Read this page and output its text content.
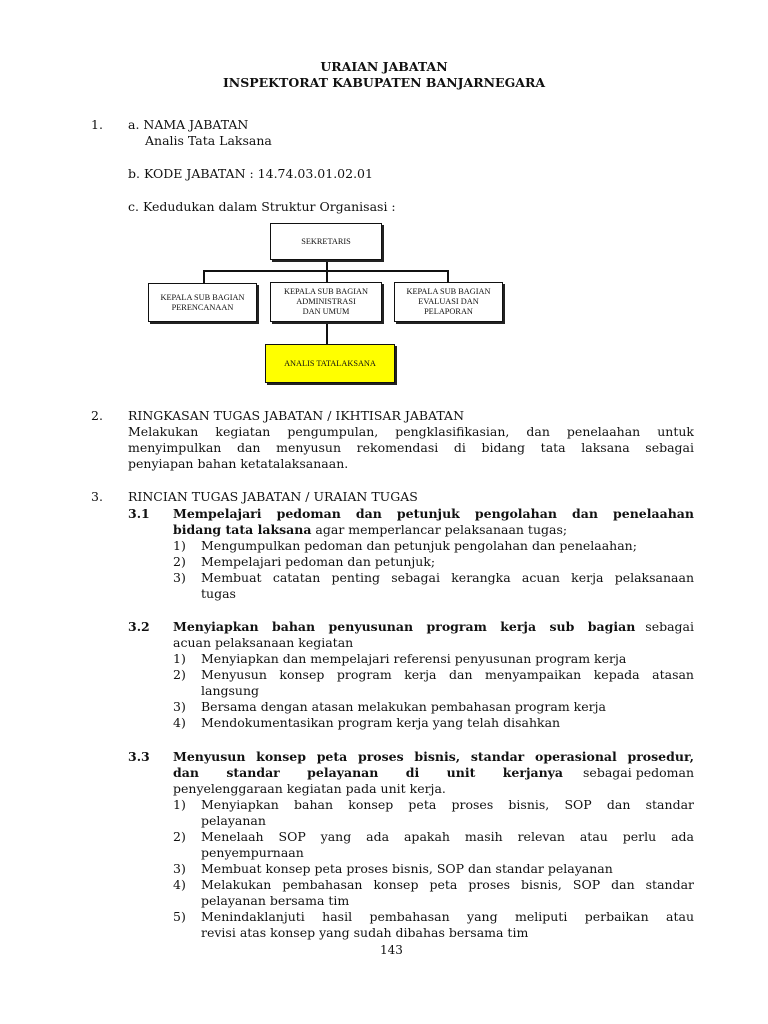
URAIAN JABATAN
INSPEKTORAT KABUPATEN BANJARNEGARA
1. a. NAMA JABATAN
Analis Tata Laksana
b. KODE JABATAN : 14.74.03.01.02.01
c. Kedudukan dalam Struktur Organisasi :
SEKRETARIS
KEPALA SUB BAGIAN
PERENCANAAN
KEPALA SUB BAGIAN
ADMINISTRASI
DAN UMUM
KEPALA SUB BAGIAN
EVALUASI DAN
PELAPORAN
ANALIS TATALAKSANA
2. RINGKASAN TUGAS JABATAN / IKHTISAR JABATAN
Melakukan kegiatan pengumpulan, pengklasifikasian, dan penelaahan untuk
menyimpulkan dan menyusun rekomendasi di bidang tata laksana sebagai
penyiapan bahan ketatalaksanaan.
3. RINCIAN TUGAS JABATAN / URAIAN TUGAS
3.1 Mempelajari pedoman dan petunjuk pengolahan dan penelaahan
bidang tata laksana agar memperlancar pelaksanaan tugas;
1) Mengumpulkan pedoman dan petunjuk pengolahan dan penelaahan;
2) Mempelajari pedoman dan petunjuk;
3) Membuat catatan penting sebagai kerangka acuan kerja pelaksanaan
tugas
3.2 Menyiapkan bahan penyusunan program kerja sub bagian sebagai
acuan pelaksanaan kegiatan
1) Menyiapkan dan mempelajari referensi penyusunan program kerja
2) Menyusun konsep program kerja dan menyampaikan kepada atasan
langsung
3) Bersama dengan atasan melakukan pembahasan program kerja
4) Mendokumentasikan program kerja yang telah disahkan
3.3 Menyusun konsep peta proses bisnis, standar operasional prosedur,
dan standar pelayanan di unit kerjanya sebagai pedoman
penyelenggaraan kegiatan pada unit kerja.
1) Menyiapkan bahan konsep peta proses bisnis, SOP dan standar
pelayanan
2) Menelaah SOP yang ada apakah masih relevan atau perlu ada
penyempurnaan
3) Membuat konsep peta proses bisnis, SOP dan standar pelayanan
4) Melakukan pembahasan konsep peta proses bisnis, SOP dan standar
pelayanan bersama tim
5) Menindaklanjuti hasil pembahasan yang meliputi perbaikan atau
revisi atas konsep yang sudah dibahas bersama tim
143
